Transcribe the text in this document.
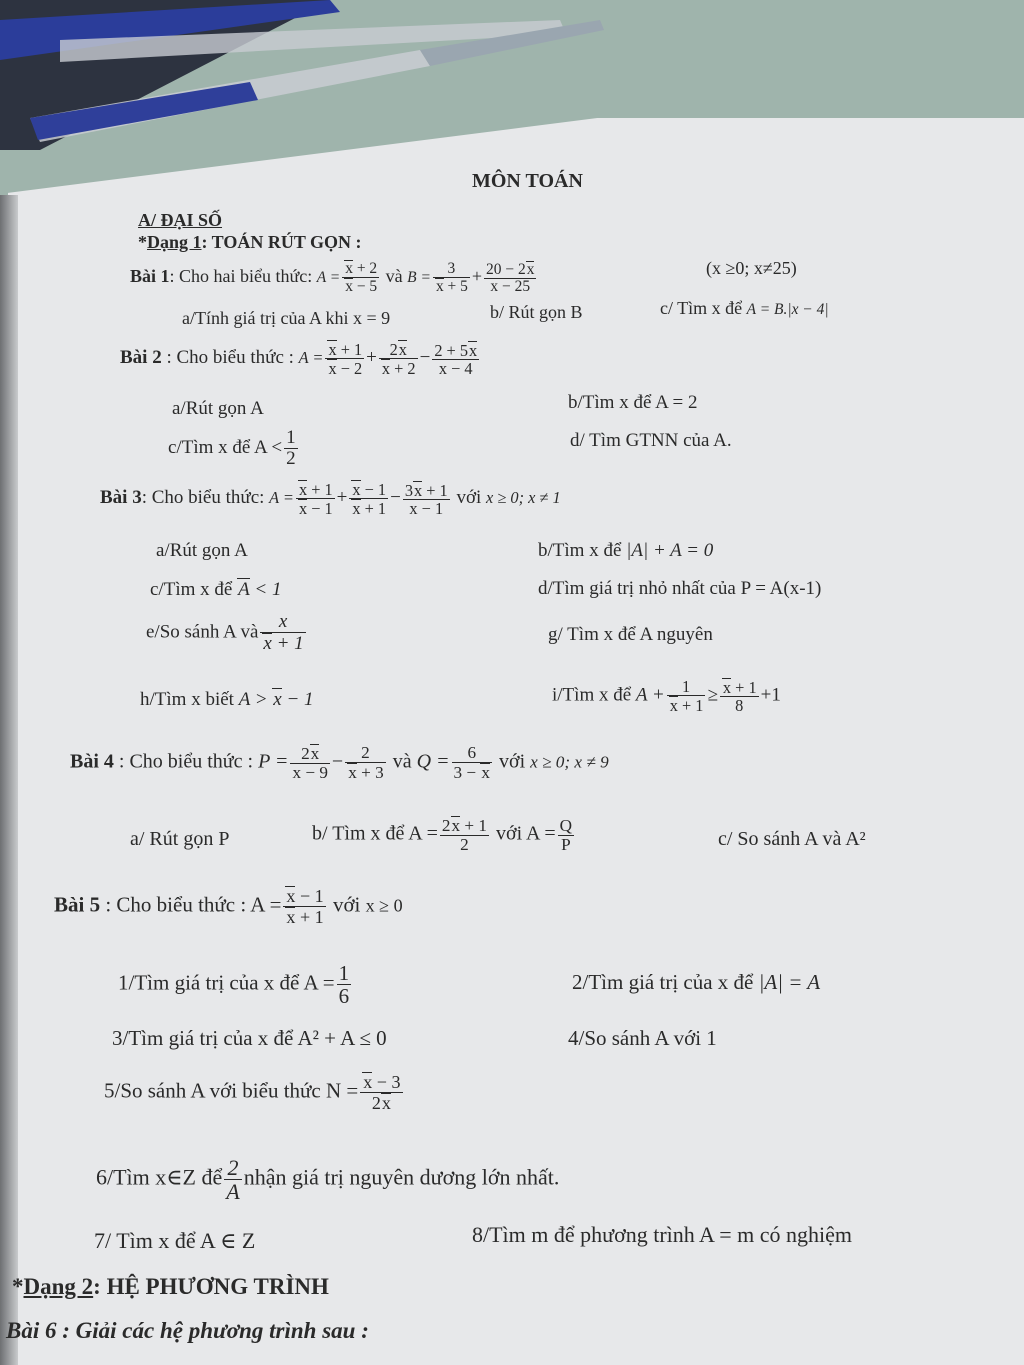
MÔN TOÁN
A/ ĐẠI SỐ
*Dạng 1: TOÁN RÚT GỌN :
Bài 1: Cho hai biểu thức: $A = \frac{x + 2}{x - 5}$ và $B = \frac{3}{x + 5} + \frac{20 - 2x}{x - 25}$	(x ≥0; x≠25)
a/Tính giá trị của A khi x = 9	b/ Rút gọn B	c/ Tìm x để A = B.|x − 4|
Bài 2 : Cho biểu thức : $A = \frac{x + 1}{x - 2} + \frac{2x}{x + 2} - \frac{2 + 5x}{x - 4}$
a/Rút gọn A	b/Tìm x để A = 2
c/Tìm x để $A < \frac{1}{2}$	d/ Tìm GTNN của A.
Bài 3: Cho biểu thức: $A = \frac{x + 1}{x - 1} + \frac{x - 1}{x + 1} - \frac{3x + 1}{x - 1}$ với x ≥ 0; x ≠ 1
a/Rút gọn A	b/Tìm x để |A| + A = 0
c/Tìm x để A < 1	d/Tìm giá trị nhỏ nhất của P = A(x-1)
e/So sánh A và $\frac{x}{x + 1}$	g/ Tìm x để A nguyên
h/Tìm x biết A > x − 1	i/Tìm x để $A + \frac{1}{x + 1} \ge \frac{x + 1}{8} +1$
Bài 4 : Cho biểu thức : $P = \frac{2x}{x - 9} - \frac{2}{x + 3}$ và $Q = \frac{6}{3 - x}$ với x ≥ 0; x ≠ 9
a/ Rút gọn P	b/ Tìm x để $A = \frac{2x + 1}{2}$ với $A = \frac{Q}{P}$	c/ So sánh A và A²
Bài 5 : Cho biểu thức : $A = \frac{x - 1}{x + 1}$ với x ≥ 0
1/Tìm giá trị của x để $A = \frac{1}{6}$	2/Tìm giá trị của x để |A| = A
3/Tìm giá trị của x để A² + A ≤ 0	4/So sánh A với 1
5/So sánh A với biểu thức $N = \frac{x - 3}{2x}$
6/Tìm x∈Z để $\frac{2}{A}$ nhận giá trị nguyên dương lớn nhất.
7/ Tìm x để A ∈ Z	8/Tìm m để phương trình A = m có nghiệm
*Dạng 2: HỆ PHƯƠNG TRÌNH
Bài 6 : Giải các hệ phương trình sau :
